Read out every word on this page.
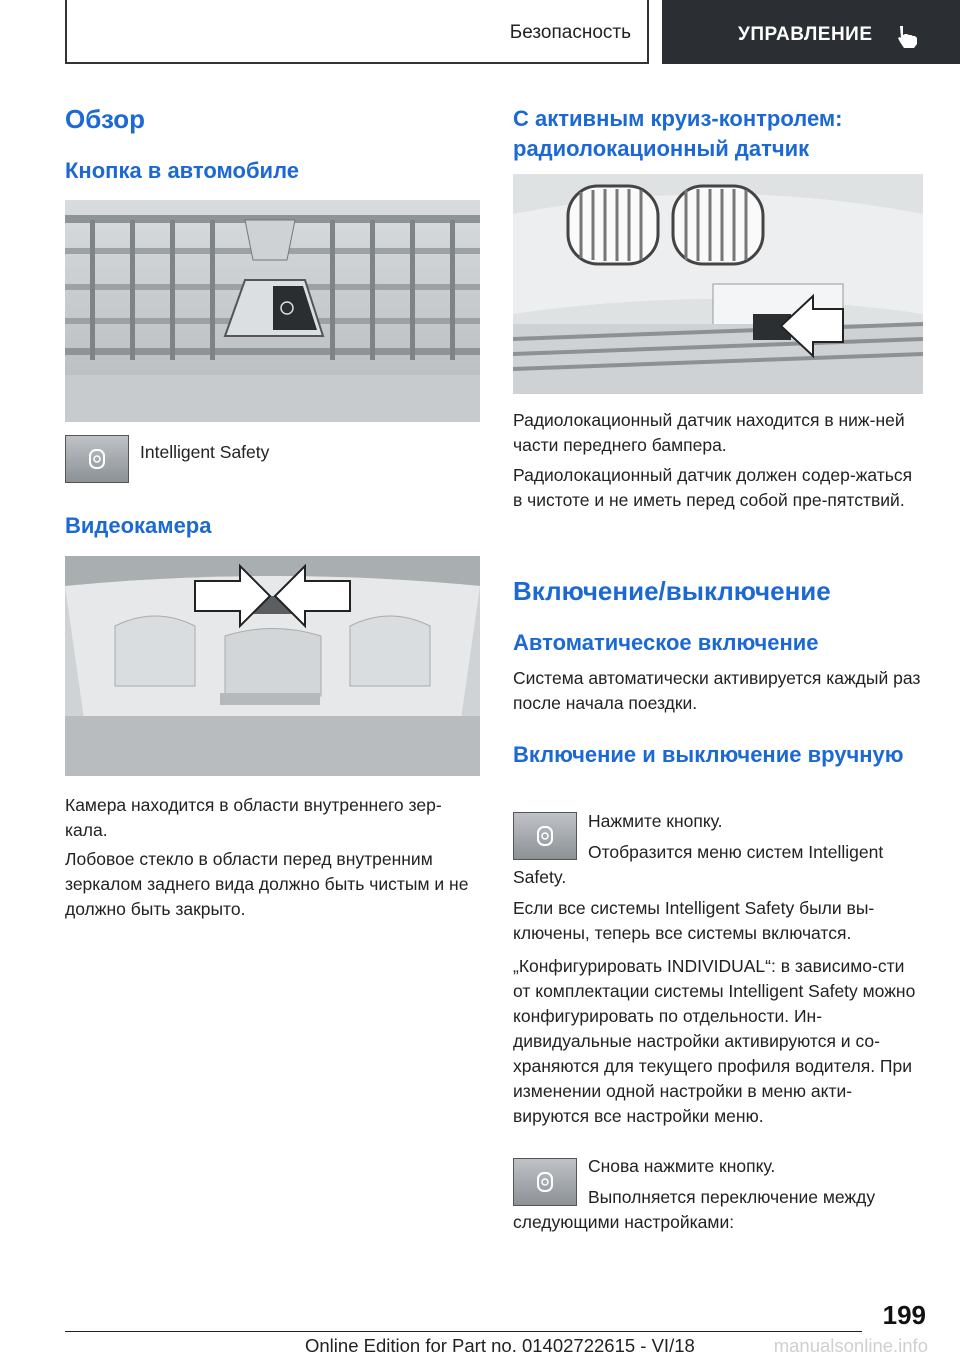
Безопасность	УПРАВЛЕНИЕ
Обзор
Кнопка в автомобиле

Intelligent Safety

Видеокамера

Камера находится в области внутреннего зер-кала.

Лобовое стекло в области перед внутренним зеркалом заднего вида должно быть чистым и не должно быть закрыто.

С активным круиз-контролем: радиолокационный датчик

Радиолокационный датчик находится в ниж-ней части переднего бампера.

Радиолокационный датчик должен содер-жаться в чистоте и не иметь перед собой пре-пятствий.

Включение/выключение
Автоматическое включение

Система автоматически активируется каждый раз после начала поездки.

Включение и выключение вручную

Нажмите кнопку.

Отобразится меню систем Intelligent Safety.

Если все системы Intelligent Safety были вы-ключены, теперь все системы включатся.

„Конфигурировать INDIVIDUAL“: в зависимо-сти от комплектации системы Intelligent Safety можно конфигурировать по отдельности. Ин-дивидуальные настройки активируются и со-храняются для текущего профиля водителя. При изменении одной настройки в меню акти-вируются все настройки меню.

Снова нажмите кнопку.

Выполняется переключение между следующими настройками:

199
Online Edition for Part no. 01402722615 - VI/18	manualsonline.info
